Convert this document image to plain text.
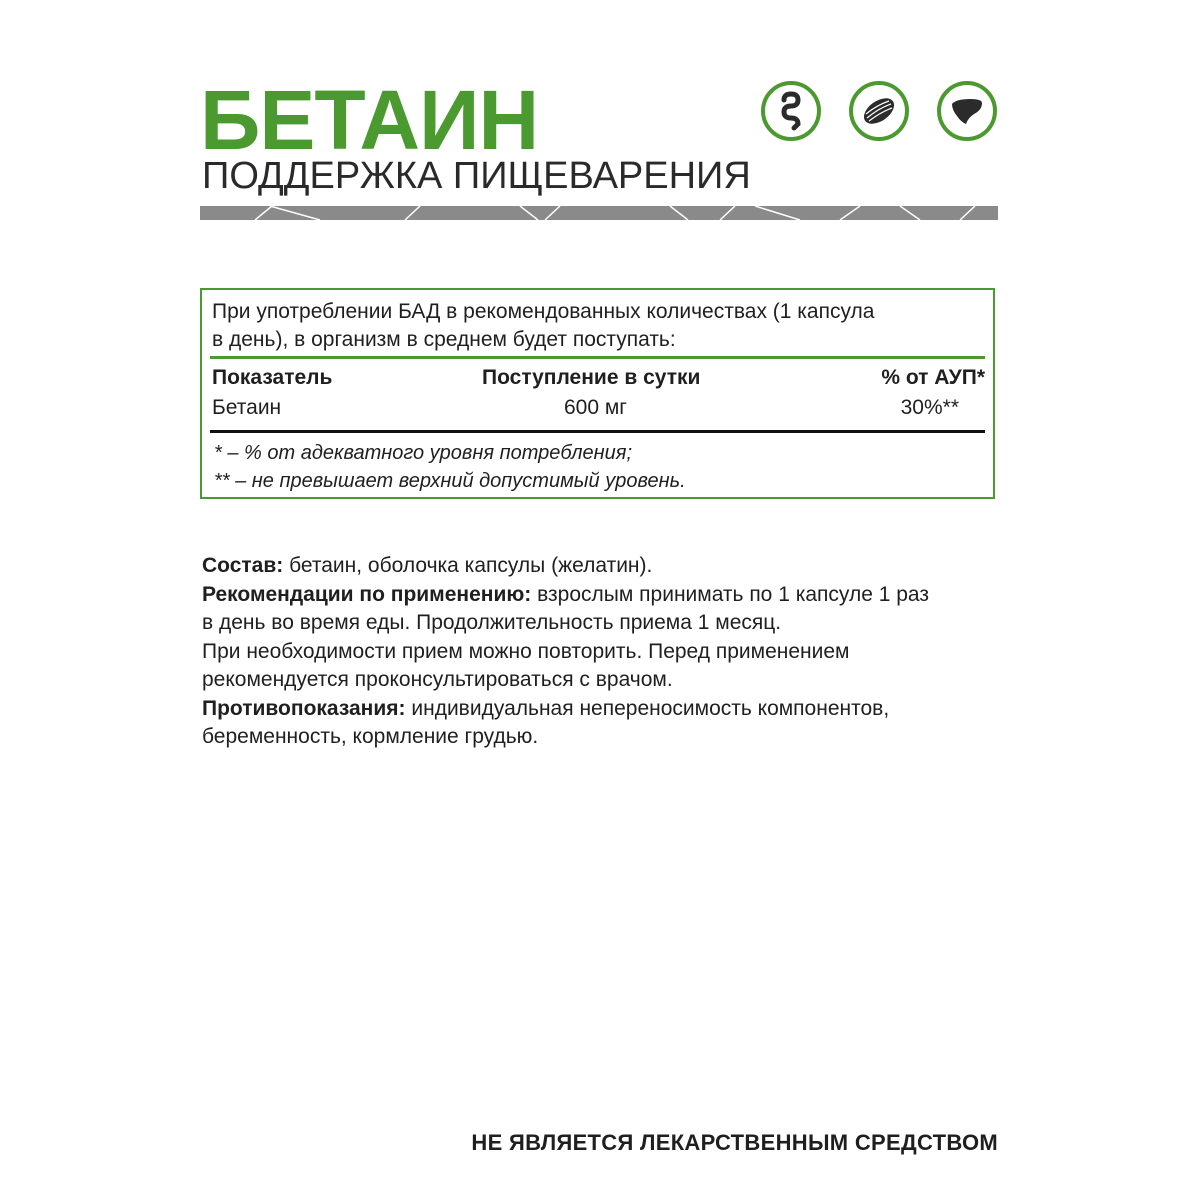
БЕТАИН
ПОДДЕРЖКА ПИЩЕВАРЕНИЯ
При употреблении БАД в рекомендованных количествах (1 капсула
в день), в организм в среднем будет поступать:
Показатель	Поступление в сутки	% от АУП*
Бетаин	600 мг	30%**
* – % от адекватного уровня потребления;
** – не превышает верхний допустимый уровень.

Состав: бетаин, оболочка капсулы (желатин).

Рекомендации по применению: взрослым принимать по 1 капсуле 1 раз

в день во время еды. Продолжительность приема 1 месяц.

При необходимости прием можно повторить. Перед применением

рекомендуется проконсультироваться с врачом.

Противопоказания: индивидуальная непереносимость компонентов,

беременность, кормление грудью.

НЕ ЯВЛЯЕТСЯ ЛЕКАРСТВЕННЫМ СРЕДСТВОМ
